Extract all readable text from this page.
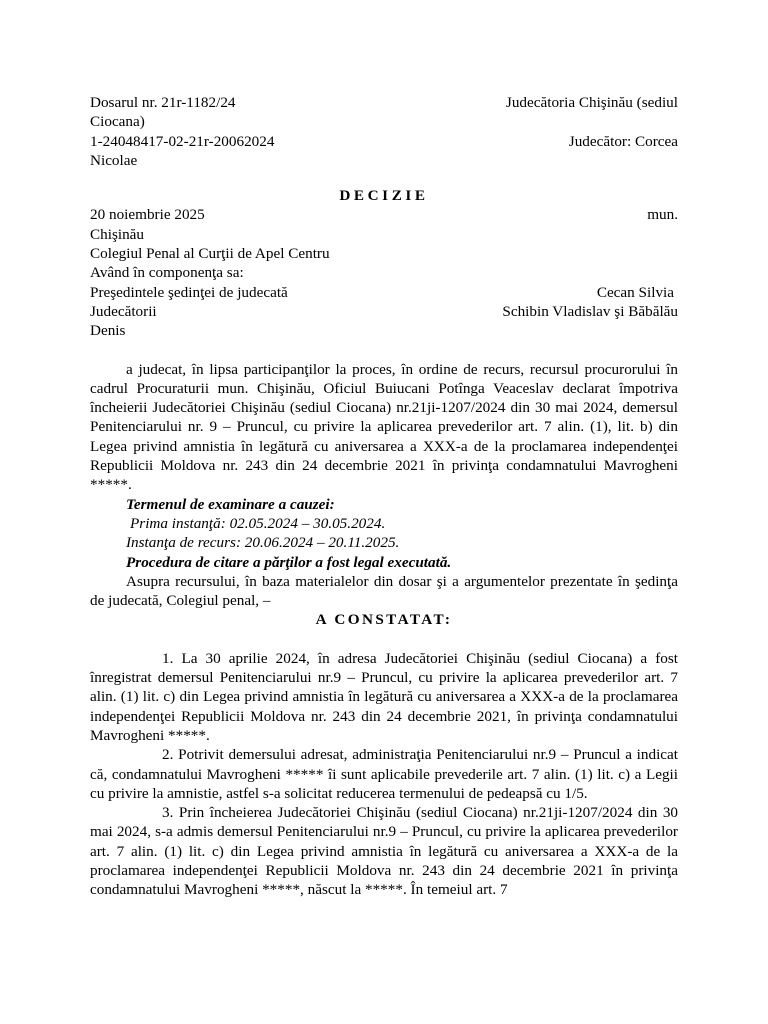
Dosarul nr. 21r-1182/24	Judecătoria Chişinău (sediul
Ciocana)
1-24048417-02-21r-20062024	Judecător: Corcea
Nicolae
DECIZIE
20 noiembrie 2025	mun.
Chişinău
Colegiul Penal al Curţii de Apel Centru
Având în componenţa sa:
Preşedintele şedinţei de judecată	Cecan Silvia
Judecătorii	Schibin Vladislav şi Băbălău
Denis
a judecat, în lipsa participanţilor la proces, în ordine de recurs, recursul procurorului în cadrul Procuraturii mun. Chişinău, Oficiul Buiucani Potînga Veaceslav declarat împotriva încheierii Judecătoriei Chişinău (sediul Ciocana) nr.21ji-1207/2024 din 30 mai 2024, demersul Penitenciarului nr. 9 – Pruncul, cu privire la aplicarea prevederilor art. 7 alin. (1), lit. b) din Legea privind amnistia în legătură cu aniversarea a XXX-a de la proclamarea independenţei Republicii Moldova nr. 243 din 24 decembrie 2021 în privinţa condamnatului Mavrogheni *****.
Termenul de examinare a cauzei:
Prima instanţă: 02.05.2024 – 30.05.2024.
Instanţa de recurs: 20.06.2024 – 20.11.2025.
Procedura de citare a părţilor a fost legal executată.
Asupra recursului, în baza materialelor din dosar şi a argumentelor prezentate în şedinţa de judecată, Colegiul penal, –
A CONSTATAT:
1. La 30 aprilie 2024, în adresa Judecătoriei Chişinău (sediul Ciocana) a fost înregistrat demersul Penitenciarului nr.9 – Pruncul, cu privire la aplicarea prevederilor art. 7 alin. (1) lit. c) din Legea privind amnistia în legătură cu aniversarea a XXX-a de la proclamarea independenţei Republicii Moldova nr. 243 din 24 decembrie 2021, în privinţa condamnatului Mavrogheni *****.
2. Potrivit demersului adresat, administraţia Penitenciarului nr.9 – Pruncul a indicat că, condamnatului Mavrogheni ***** îi sunt aplicabile prevederile art. 7 alin. (1) lit. c) a Legii cu privire la amnistie, astfel s-a solicitat reducerea termenului de pedeapsă cu 1/5.
3. Prin încheierea Judecătoriei Chişinău (sediul Ciocana) nr.21ji-1207/2024 din 30 mai 2024, s-a admis demersul Penitenciarului nr.9 – Pruncul, cu privire la aplicarea prevederilor art. 7 alin. (1) lit. c) din Legea privind amnistia în legătură cu aniversarea a XXX-a de la proclamarea independenţei Republicii Moldova nr. 243 din 24 decembrie 2021 în privinţa condamnatului Mavrogheni *****, născut la *****. În temeiul art. 7
